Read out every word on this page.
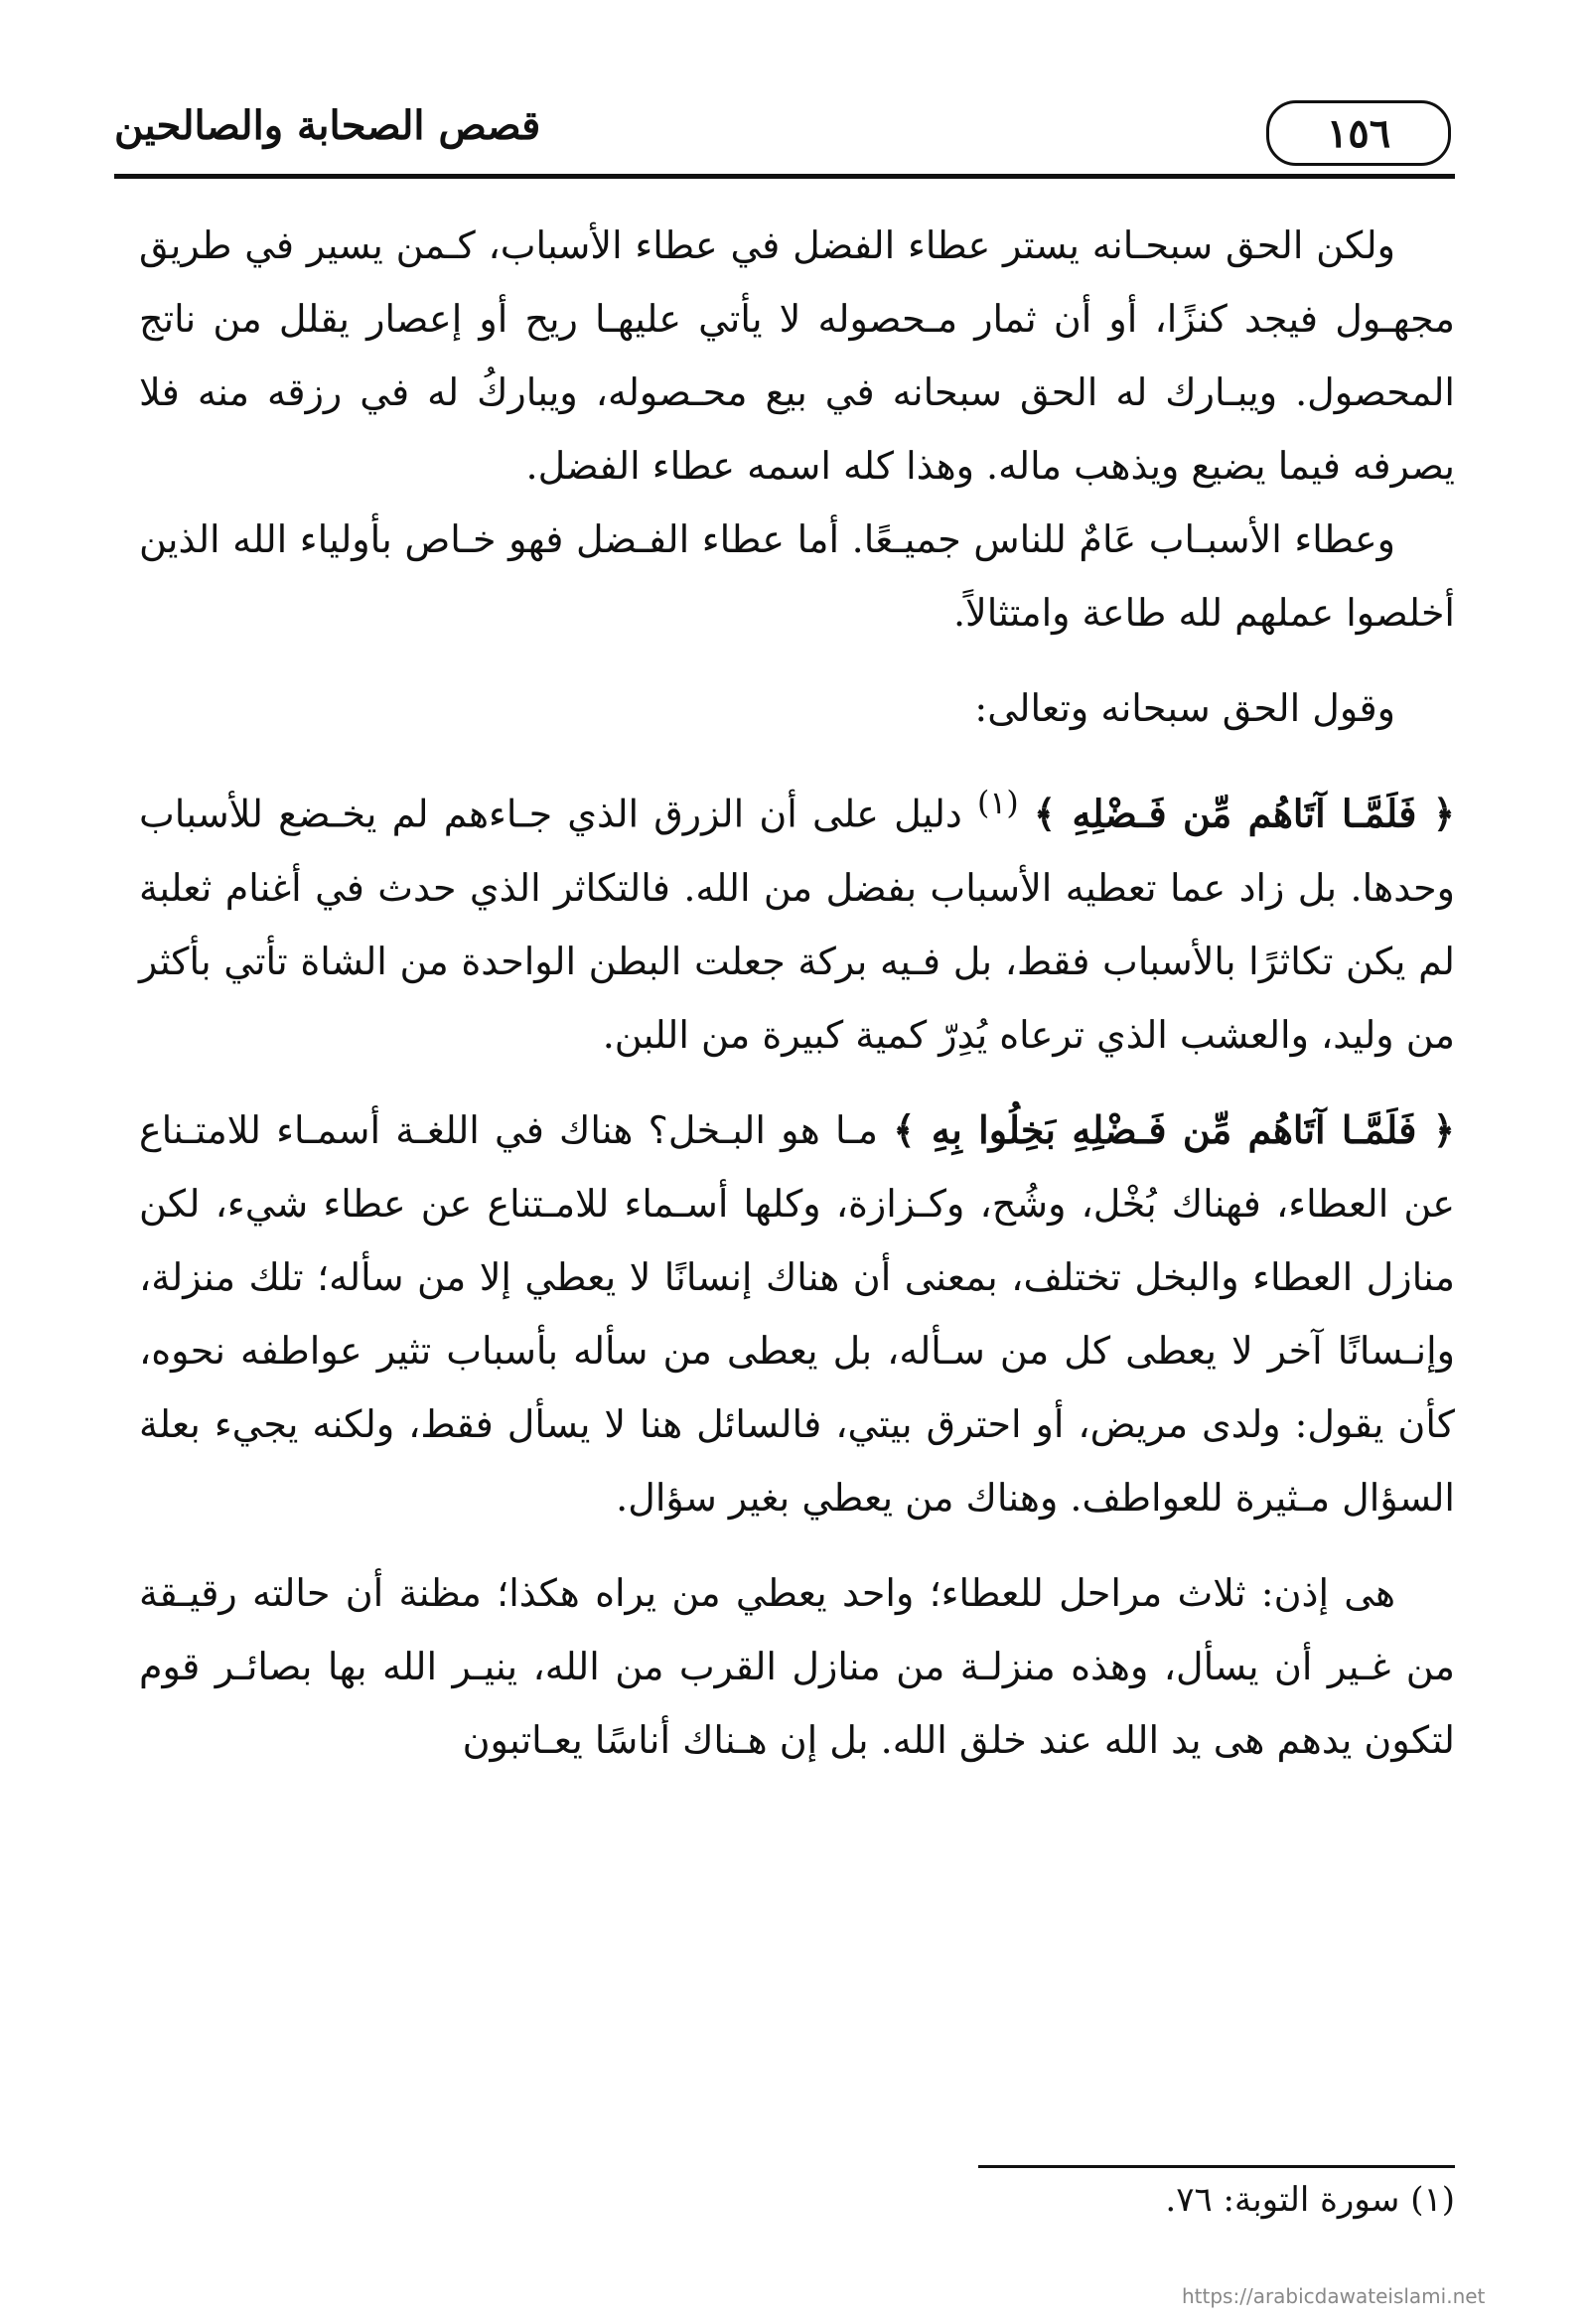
قصص الصحابة والصالحين	١٥٦

ولكن الحق سبحـانه يستر عطاء الفضل في عطاء الأسباب، كـمن يسير في طريق مجهـول فيجد كنزًا، أو أن ثمار مـحصوله لا يأتي عليهـا ريح أو إعصار يقلل من ناتج المحصول. ويبـارك له الحق سبحانه في بيع محـصوله، ويباركُ له في رزقه منه فلا يصرفه فيما يضيع ويذهب ماله. وهذا كله اسمه عطاء الفضل.

وعطاء الأسبـاب عَامٌ للناس جميـعًا. أما عطاء الفـضل فهو خـاص بأولياء الله الذين أخلصوا عملهم لله طاعة وامتثالاً.

وقول الحق سبحانه وتعالى:

﴿ فَلَمَّـا آتَاهُم مِّن فَـضْلِهِ ﴾ $^{(١)}$ دليل على أن الزرق الذي جـاءهم لم يخـضع للأسباب وحدها. بل زاد عما تعطيه الأسباب بفضل من الله. فالتكاثر الذي حدث في أغنام ثعلبة لم يكن تكاثرًا بالأسباب فقط، بل فـيه بركة جعلت البطن الواحدة من الشاة تأتي بأكثر من وليد، والعشب الذي ترعاه يُدِرّ كمية كبيرة من اللبن.

﴿ فَلَمَّـا آتَاهُم مِّن فَـضْلِهِ بَخِلُوا بِهِ ﴾ مـا هو البـخل؟ هناك في اللغـة أسمـاء للامتـناع عن العطاء، فهناك بُخْل، وشُح، وكـزازة، وكلها أسـماء للامـتناع عن عطاء شيء، لكن منازل العطاء والبخل تختلف، بمعنى أن هناك إنسانًا لا يعطي إلا من سأله؛ تلك منزلة، وإنـسانًا آخر لا يعطى كل من سـأله، بل يعطى من سأله بأسباب تثير عواطفه نحوه، كأن يقول: ولدى مريض، أو احترق بيتي، فالسائل هنا لا يسأل فقط، ولكنه يجيء بعلة السؤال مـثيرة للعواطف. وهناك من يعطي بغير سؤال.

هى إذن: ثلاث مراحل للعطاء؛ واحد يعطي من يراه هكذا؛ مظنة أن حالته رقيـقة من غـير أن يسأل، وهذه منزلـة من منازل القرب من الله، ينيـر الله بها بصائـر قوم لتكون يدهم هى يد الله عند خلق الله. بل إن هـناك أناسًا يعـاتبون

(١) سورة التوبة: ٧٦.
https://arabicdawateislami.net
